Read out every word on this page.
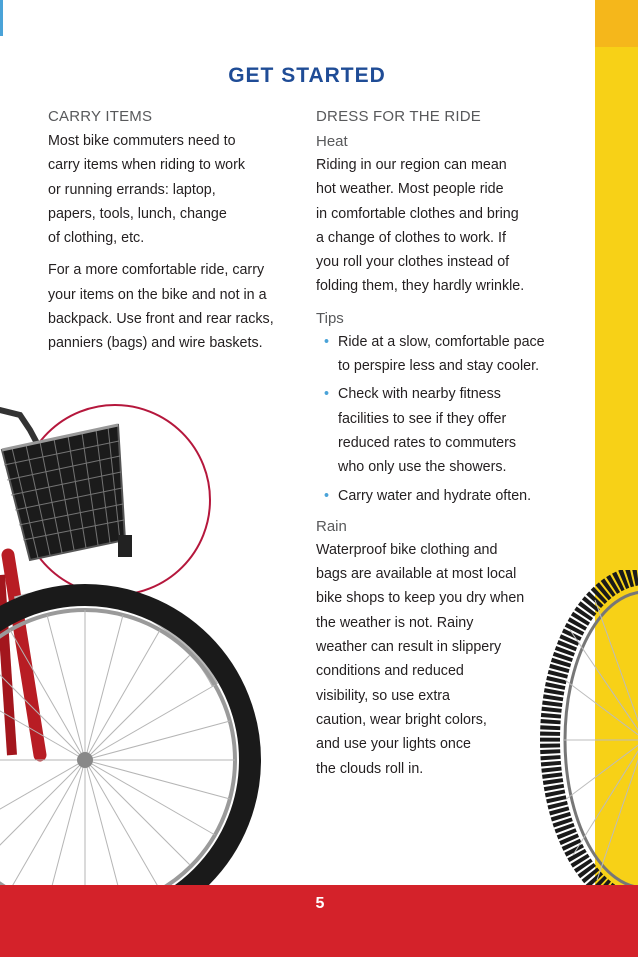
GET STARTED
CARRY ITEMS

Most bike commuters need to
carry items when riding to work
or running errands: laptop,
papers, tools, lunch, change
of clothing, etc.

For a more comfortable ride, carry
your items on the bike and not in a
backpack. Use front and rear racks,
panniers (bags) and wire baskets.

DRESS FOR THE RIDE
Heat

Riding in our region can mean
hot weather. Most people ride
in comfortable clothes and bring
a change of clothes to work. If
you roll your clothes instead of
folding them, they hardly wrinkle.

Tips
• Ride at a slow, comfortable pace
to perspire less and stay cooler.
• Check with nearby fitness
facilities to see if they offer
reduced rates to commuters
who only use the showers.
• Carry water and hydrate often.
Rain

Waterproof bike clothing and
bags are available at most local
bike shops to keep you dry when
the weather is not. Rainy
weather can result in slippery
conditions and reduced
visibility, so use extra
caution, wear bright colors,
and use your lights once
the clouds roll in.

5
